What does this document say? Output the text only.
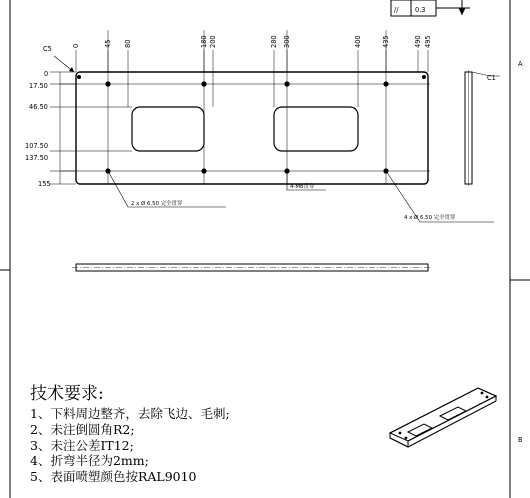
A
B
//	0.3
0	45 80	180 200	280 300	400	435	490 495
C5
0
17.50
46.50
107.50
137.50
155
2 x Ø 6.50 完全贯穿
4-M8贯穿
4 x Ø 6.50 完全贯穿
C1
技术要求:
1、下料周边整齐，去除飞边、毛刺;
2、未注倒圆角R2;
3、未注公差IT12;
4、折弯半径为2mm;
5、表面喷塑颜色按RAL9010
